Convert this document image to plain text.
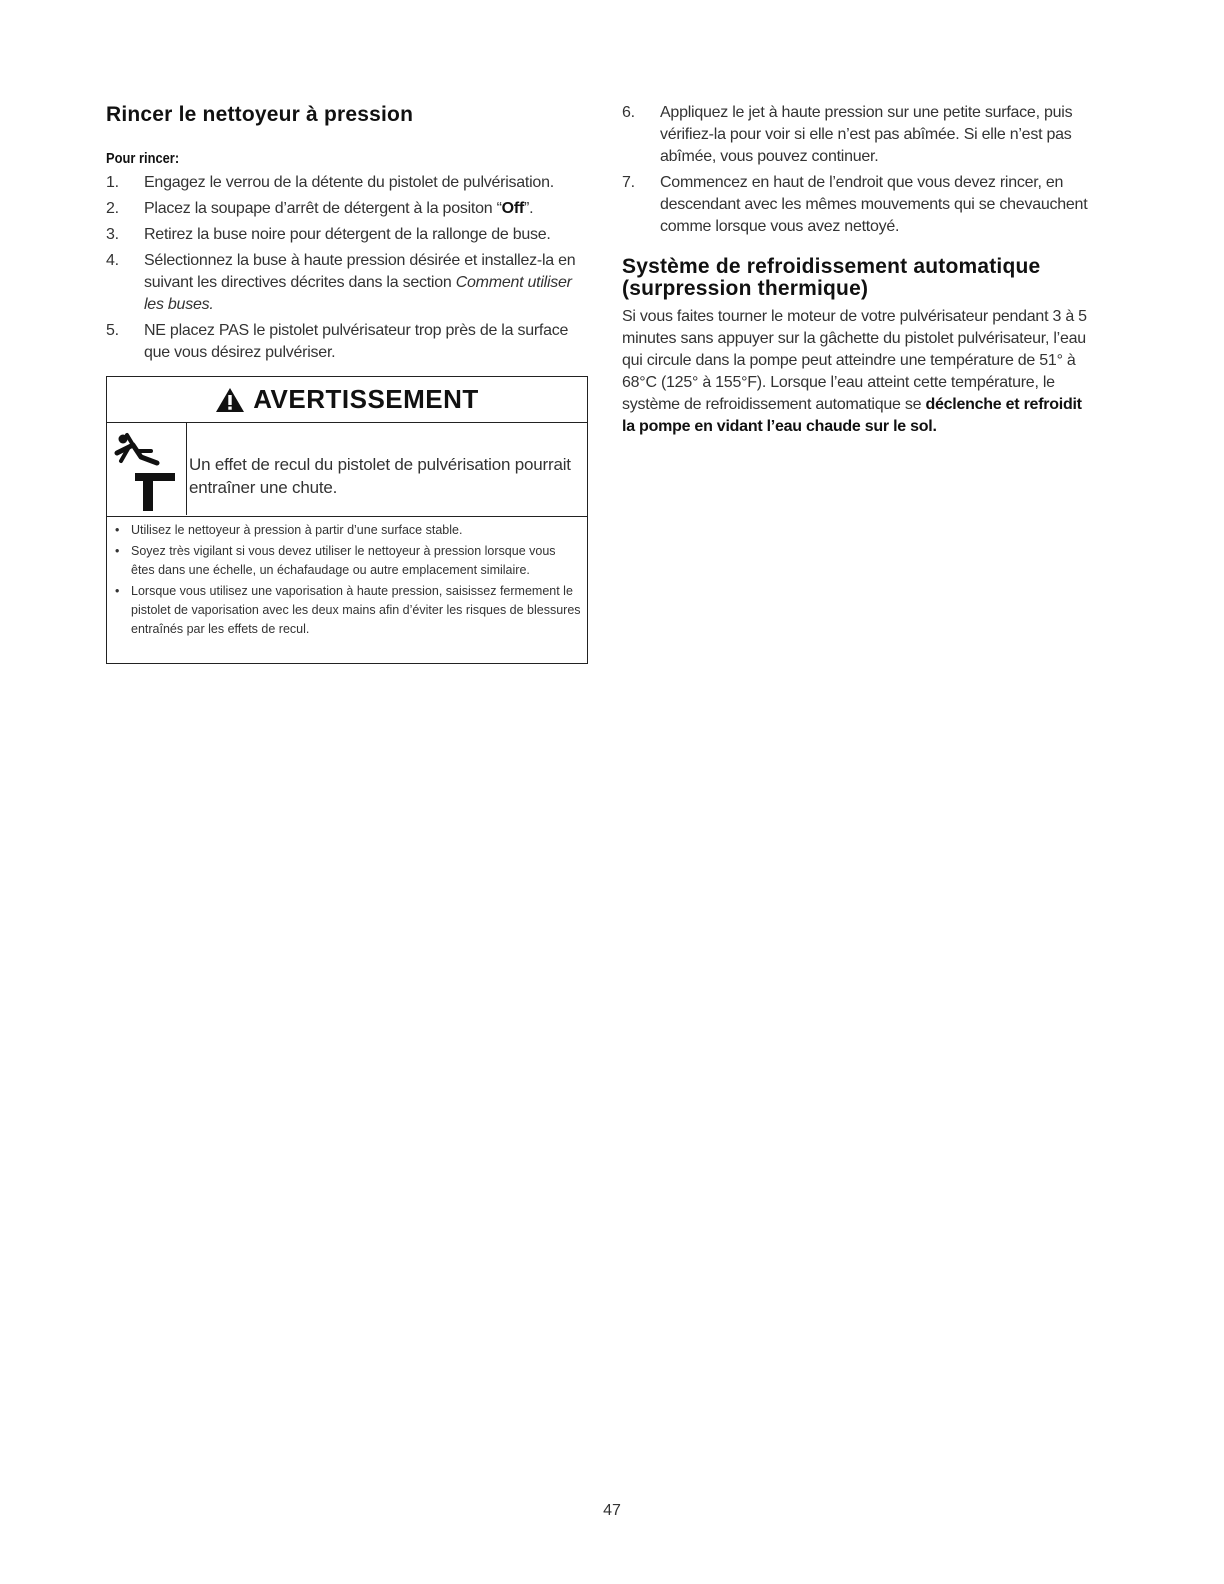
Rincer le nettoyeur à pression

Pour rincer:

1. Engagez le verrou de la détente du pistolet de pulvérisation.
2. Placez la soupape d’arrêt de détergent à la positon “Off”.
3. Retirez la buse noire pour détergent de la rallonge de buse.
4. Sélectionnez la buse à haute pression désirée et installez-la en suivant les directives décrites dans la section Comment utiliser les buses.
5. NE placez PAS le pistolet pulvérisateur trop près de la surface que vous désirez pulvériser.
AVERTISSEMENT
Un effet de recul du pistolet de pulvérisation pourrait entraîner une chute.
• Utilisez le nettoyeur à pression à partir d’une surface stable.
• Soyez très vigilant si vous devez utiliser le nettoyeur à pression lorsque vous êtes dans une échelle, un échafaudage ou autre emplacement similaire.
• Lorsque vous utilisez une vaporisation à haute pression, saisissez fermement le pistolet de vaporisation avec les deux mains afin d’éviter les risques de blessures entraînés par les effets de recul.
6. Appliquez le jet à haute pression sur une petite surface, puis vérifiez-la pour voir si elle n’est pas abîmée. Si elle n’est pas abîmée, vous pouvez continuer.
7. Commencez en haut de l’endroit que vous devez rincer, en descendant avec les mêmes mouvements qui se chevauchent comme lorsque vous avez nettoyé.
Système de refroidissement automatique
(surpression thermique)

Si vous faites tourner le moteur de votre pulvérisateur pendant 3 à 5 minutes sans appuyer sur la gâchette du pistolet pulvérisateur, l’eau qui circule dans la pompe peut atteindre une température de 51° à 68°C (125° à 155°F). Lorsque l’eau atteint cette température, le système de refroidissement automatique se déclenche et refroidit la pompe en vidant l’eau chaude sur le sol.

47
